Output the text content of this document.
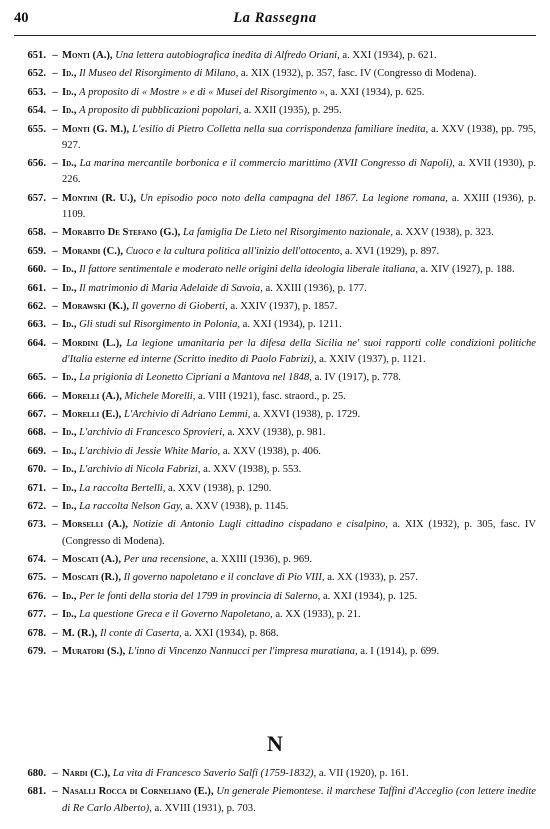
40	La Rassegna
651. – Monti (A.), Una lettera autobiografica inedita di Alfredo Oriani, a. XXI (1934), p. 621.
652. – Id., Il Museo del Risorgimento di Milano, a. XIX (1932), p. 357, fasc. IV (Congresso di Modena).
653. – Id., A proposito di « Mostre » e di « Musei del Risorgimento », a. XXI (1934), p. 625.
654. – Id., A proposito di pubblicazioni popolari, a. XXII (1935), p. 295.
655. – Monti (G. M.), L'esilio di Pietro Colletta nella sua corrispondenza familiare inedita, a. XXV (1938), pp. 795, 927.
656. – Id., La marina mercantile borbonica e il commercio marittimo (XVII Congresso di Napoli), a. XVII (1930), p. 226.
657. – Montini (R. U.), Un episodio poco noto della campagna del 1867. La legione romana, a. XXIII (1936), p. 1109.
658. – Morabito De Stefano (G.), La famiglia De Lieto nel Risorgimento nazionale, a. XXV (1938), p. 323.
659. – Morandi (C.), Cuoco e la cultura politica all'inizio dell'ottocento, a. XVI (1929), p. 897.
660. – Id., Il fattore sentimentale e moderato nelle origini della ideologia liberale italiana, a. XIV (1927), p. 188.
661. – Id., Il matrimonio di Maria Adelaide di Savoia, a. XXIII (1936), p. 177.
662. – Morawski (K.), Il governo di Gioberti, a. XXIV (1937), p. 1857.
663. – Id., Gli studi sul Risorgimento in Polonia, a. XXI (1934), p. 1211.
664. – Mordini (L.), La legione umanitaria per la difesa della Sicilia ne' suoi rapporti colle condizioni politiche d'Italia esterne ed interne (Scritto inedito di Paolo Fabrizi), a. XXIV (1937), p. 1121.
665. – Id., La prigionia di Leonetto Cipriani a Mantova nel 1848, a. IV (1917), p. 778.
666. – Morelli (A.), Michele Morelli, a. VIII (1921), fasc. straord., p. 25.
667. – Morelli (E.), L'Archivio di Adriano Lemmi, a. XXVI (1938), p. 1729.
668. – Id., L'archivio di Francesco Sprovieri, a. XXV (1938), p. 981.
669. – Id., L'archivio di Jessie White Mario, a. XXV (1938), p. 406.
670. – Id., L'archivio di Nicola Fabrizi, a. XXV (1938), p. 553.
671. – Id., La raccolta Bertelli, a. XXV (1938), p. 1290.
672. – Id., La raccolta Nelson Gay, a. XXV (1938), p. 1145.
673. – Morselli (A.), Notizie di Antonio Lugli cittadino cispadano e cisalpino, a. XIX (1932), p. 305, fasc. IV (Congresso di Modena).
674. – Moscati (A.), Per una recensione, a. XXIII (1936), p. 969.
675. – Moscati (R.), Il governo napoletano e il conclave di Pio VIII, a. XX (1933), p. 257.
676. – Id., Per le fonti della storia del 1799 in provincia di Salerno, a. XXI (1934), p. 125.
677. – Id., La questione Greca e il Governo Napoletano, a. XX (1933), p. 21.
678. – M. (R.), Il conte di Caserta, a. XXI (1934), p. 868.
679. – Muratori (S.), L'inno di Vincenzo Nannucci per l'impresa muratiana, a. I (1914), p. 699.
N
680. – Nardi (C.), La vita di Francesco Saverio Salfi (1759-1832), a. VII (1920), p. 161.
681. – Nasalli Rocca di Corneliano (E.), Un generale Piemontese. il marchese Taffini d'Acceglio (con lettere inedite di Re Carlo Alberto), a. XVIII (1931), p. 703.
